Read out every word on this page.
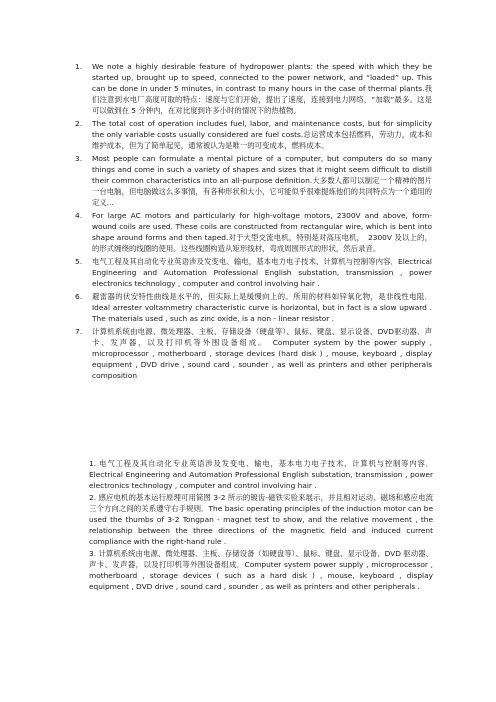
1. We note a highly desirable feature of hydropower plants: the speed with which they be started up, brought up to speed, connected to the power network, and “loaded” up. This can be done in under 5 minutes, in contrast to many hours in the case of thermal plants.我们注意到水电厂高度可取的特点：速度与它们开始，提出了速度，连接到电力网络，“加载”最多。这是可以做到在 5 分钟内，在对比度到许多小时的情况下的热植物。
2. The total cost of operation includes fuel, labor, and maintenance costs, but for simplicity the only variable costs usually considered are fuel costs.总运营成本包括燃料，劳动力，成本和维护成本，但为了简单起见，通常被认为是唯一的可变成本，燃料成本。
3. Most people can formulate a mental picture of a computer, but computers do so many things and come in such a variety of shapes and sizes that it might seem difficult to distill their common characteristics into an all-purpose definition.大多数人都可以制定一个精神的图片一台电脑，但电脑做这么多事情，有各种形状和大小，它可能似乎很难提炼他们的共同特点为一个通用的定义...
4. For large AC motors and particularly for high-voltage motors, 2300V and above, form-wound coils are used. These coils are constructed from rectangular wire, which is bent into shape around forms and then taped.对于大型交流电机，特别是对高压电机，　2300V 及以上的，的形式缠绕的线圈的使用。这些线圈构造从矩形线材，弯成周围形式的形状，然后录音。
5. 电气工程及其自动化专业英语涉及发变电、输电，基本电力电子技术、计算机与控制等内容．Electrical Engineering and Automation Professional English substation, transmission , power electronics technology , computer and control involving hair .
6. 避雷器的伏安特性曲线是水平的，但实际上是缓慢向上的。所用的材料如锌氧化物，是非线性电阻．Ideal arrester voltammetry characteristic curve is horizontal, but in fact is a slow upward . The materials used , such as zinc oxide, is a non - linear resistor .
7. 计算机系统由电源、微处理器、主板、存储设备（硬盘等）、鼠标、键盘、显示设备、DVD驱动器、声卡、发声器，以及打印机等外围设备组成。　Computer system by the power supply , microprocessor , motherboard , storage devices (hard disk ) , mouse, keyboard , display equipment , DVD drive , sound card , sounder , as well as printers and other peripherals composition

1. 电气工程及其自动化专业英语涉及发变电、输电，基本电力电子技术、计算机与控制等内容．Electrical Engineering and Automation Professional English substation, transmission , power electronics technology , computer and control involving hair .

2. 感应电机的基本运行原理可用简图 3-2 所示的镀齿-磁铁实验来展示，并且相对运动、磁场和感应电流三个方向之间的关系遵守右手规则．The basic operating principles of the induction motor can be used the thumbs of 3-2 Tongpan - magnet test to show, and the relative movement , the relationship between the three directions of the magnetic field and induced current compliance with the right-hand rule .

3. 计算机系统由电源、微处理器、主板、存储设备（如硬盘等）、鼠标、键盘、显示设备、DVD 驱动器、声卡、发声器，以及打印机等外围设备组成．Computer system power supply , microprocessor , motherboard , storage devices ( such as a hard disk ) , mouse, keyboard , display equipment , DVD drive , sound card , sounder , as well as printers and other peripherals .
